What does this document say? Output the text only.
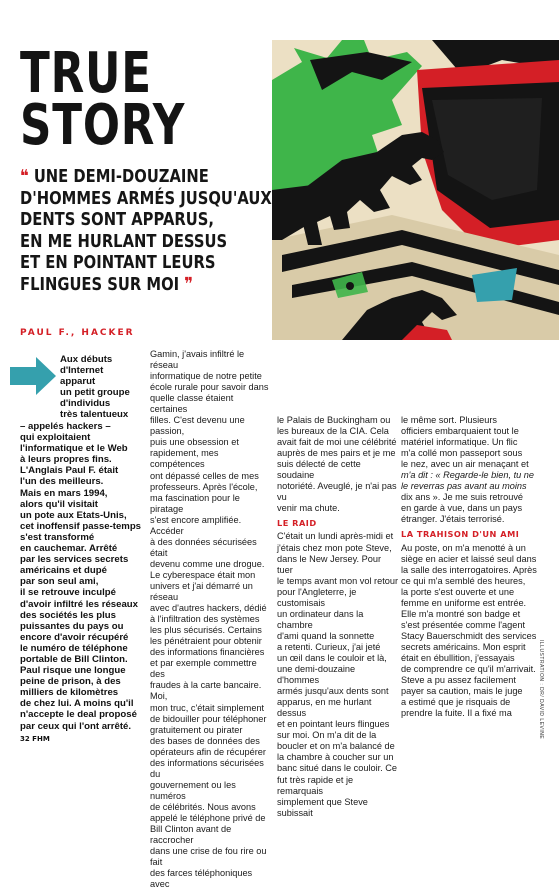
TRUE
STORY
❝ UNE DEMI-DOUZAINE
D'HOMMES ARMÉS JUSQU'AUX
DENTS SONT APPARUS,
EN ME HURLANT DESSUS
ET EN POINTANT LEURS
FLINGUES SUR MOI ❞
PAUL F., HACKER
Aux débuts
d'Internet
apparut
un petit groupe
d'individus
très talentueux
– appelés hackers –
qui exploitaient
l'informatique et le Web
à leurs propres fins.
L'Anglais Paul F. était
l'un des meilleurs.
Mais en mars 1994,
alors qu'il visitait
un pote aux Etats-Unis,
cet inoffensif passe-temps
s'est transformé
en cauchemar. Arrêté
par les services secrets
américains et dupé
par son seul ami,
il se retrouve inculpé
d'avoir infiltré les réseaux
des sociétés les plus
puissantes du pays ou
encore d'avoir récupéré
le numéro de téléphone
portable de Bill Clinton.
Paul risque une longue
peine de prison, à des
milliers de kilomètres
de chez lui. A moins qu'il
n'accepte le deal proposé
par ceux qui l'ont arrêté.
Gamin, j'avais infiltré le réseau
informatique de notre petite
école rurale pour savoir dans
quelle classe étaient certaines
filles. C'est devenu une passion,
puis une obsession et
rapidement, mes compétences
ont dépassé celles de mes
professeurs. Après l'école,
ma fascination pour le piratage
s'est encore amplifiée. Accéder
à des données sécurisées était
devenu comme une drogue.
Le cyberespace était mon
univers et j'ai démarré un réseau
avec d'autres hackers, dédié
à l'infiltration des systèmes
les plus sécurisés. Certains
les pénétraient pour obtenir
des informations financières
et par exemple commettre des
fraudes à la carte bancaire. Moi,
mon truc, c'était simplement
de bidouiller pour téléphoner
gratuitement ou pirater
des bases de données des
opérateurs afin de récupérer
des informations sécurisées du
gouvernement ou les numéros
de célébrités. Nous avons
appelé le téléphone privé de
Bill Clinton avant de raccrocher
dans une crise de fou rire ou fait
des farces téléphoniques avec
le Palais de Buckingham ou
les bureaux de la CIA. Cela
avait fait de moi une célébrité
auprès de mes pairs et je me
suis délecté de cette soudaine
notoriété. Aveuglé, je n'ai pas vu
venir ma chute.
LE RAID
C'était un lundi après-midi et
j'étais chez mon pote Steve,
dans le New Jersey. Pour tuer
le temps avant mon vol retour
pour l'Angleterre, je customisais
un ordinateur dans la chambre
d'ami quand la sonnette
a retenti. Curieux, j'ai jeté
un œil dans le couloir et là,
une demi-douzaine d'hommes
armés jusqu'aux dents sont
apparus, en me hurlant dessus
et en pointant leurs flingues
sur moi. On m'a dit de la
boucler et on m'a balancé de
la chambre à coucher sur un
banc situé dans le couloir. Ce
fut très rapide et je remarquais
simplement que Steve subissait
le même sort. Plusieurs
officiers embarquaient tout le
matériel informatique. Un flic
m'a collé mon passeport sous
le nez, avec un air menaçant et
m'a dit : « Regarde-le bien, tu ne
le reverras pas avant au moins
dix ans ». Je me suis retrouvé
en garde à vue, dans un pays
étranger. J'étais terrorisé.
LA TRAHISON D'UN AMI
Au poste, on m'a menotté à un
siège en acier et laissé seul dans
la salle des interrogatoires. Après
ce qui m'a semblé des heures,
la porte s'est ouverte et une
femme en uniforme est entrée.
Elle m'a montré son badge et
s'est présentée comme l'agent
Stacy Bauerschmidt des services
secrets américains. Mon esprit
était en ébullition, j'essayais
de comprendre ce qu'il m'arrivait.
Steve a pu assez facilement
payer sa caution, mais le juge
a estimé que je risquais de
prendre la fuite. Il a fixé ma	ILLUSTRATION : DR/ DAVID LEVINE
32 FHM
